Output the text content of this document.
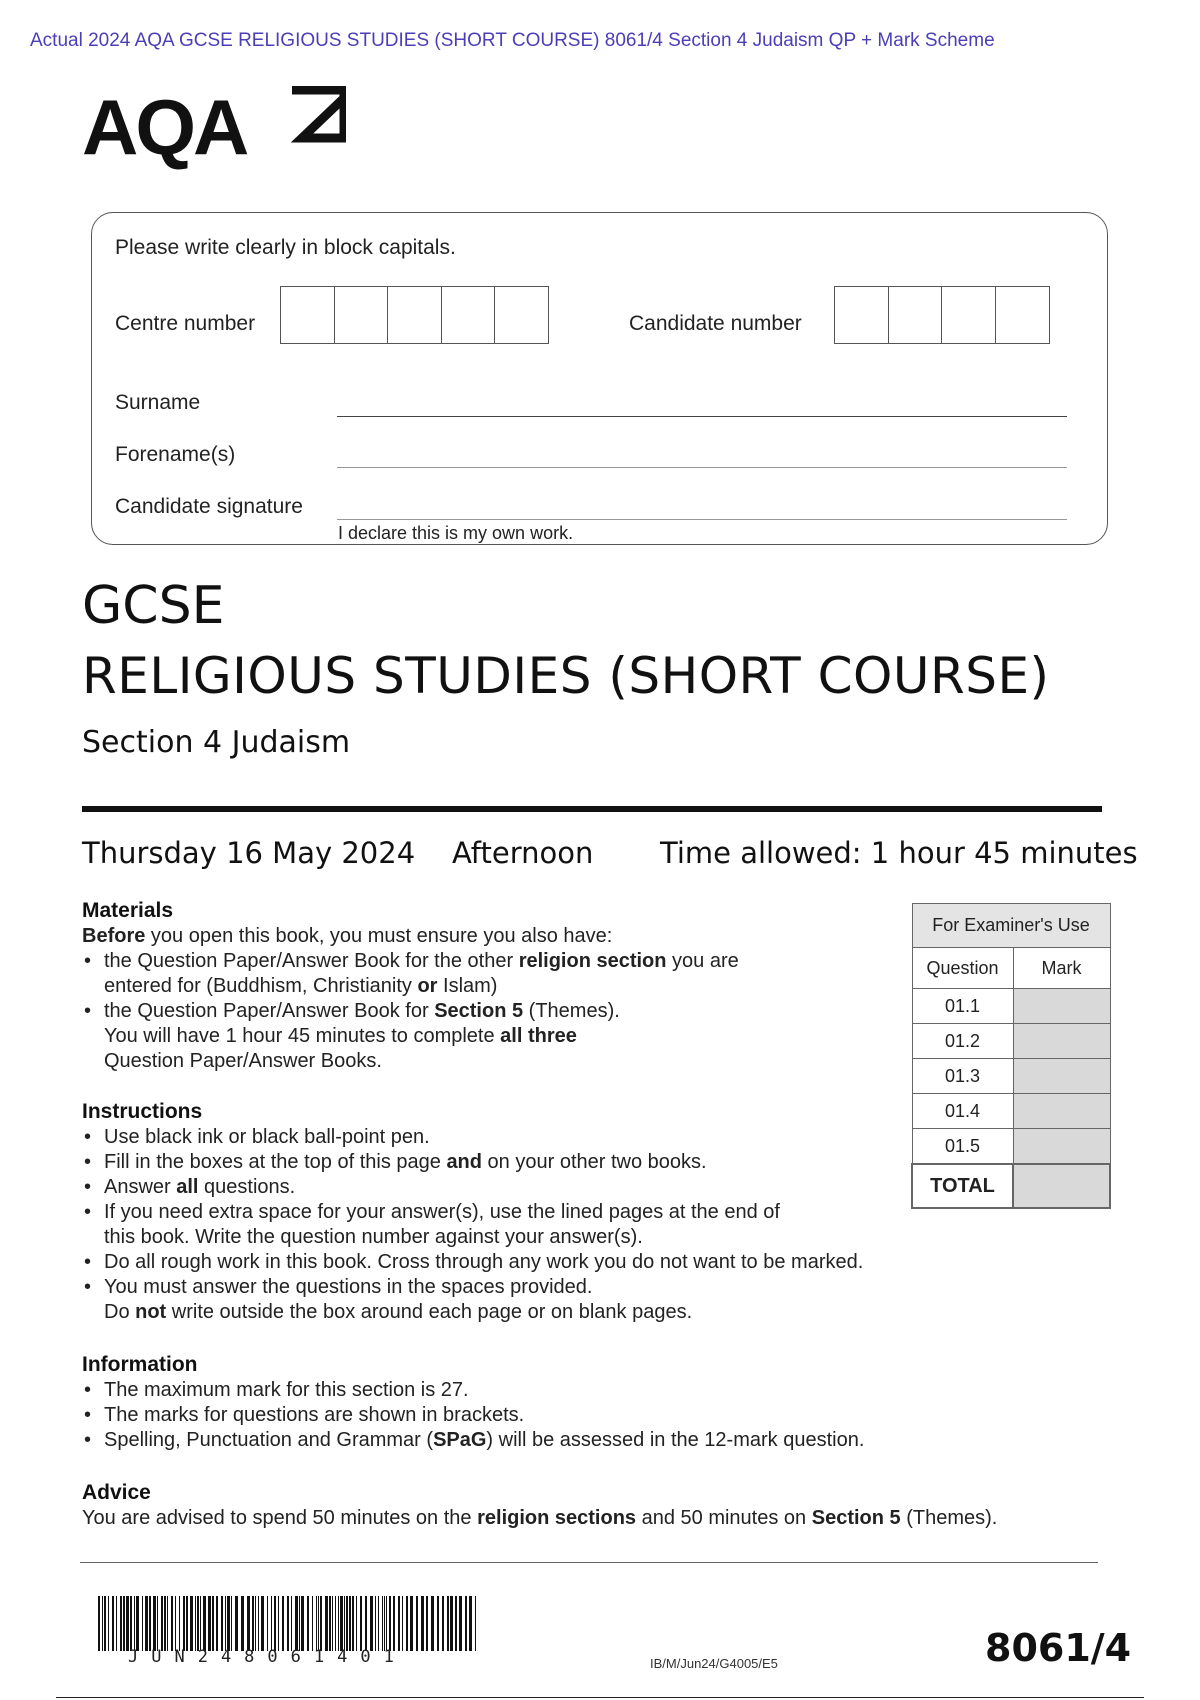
Actual 2024 AQA GCSE RELIGIOUS STUDIES (SHORT COURSE) 8061/4 Section 4 Judaism QP + Mark Scheme
AQA
Please write clearly in block capitals.
Centre number	Candidate number
Surname
Forename(s)
Candidate signature
I declare this is my own work.
GCSE
RELIGIOUS STUDIES (SHORT COURSE)
Section 4 Judaism
Thursday 16 May 2024 Afternoon Time allowed: 1 hour 45 minutes
Materials

Before you open this book, you must ensure you also have:

• the Question Paper/Answer Book for the other religion section you are entered for (Buddhism, Christianity or Islam)
• the Question Paper/Answer Book for Section 5 (Themes). You will have 1 hour 45 minutes to complete all three Question Paper/Answer Books.
Instructions
• Use black ink or black ball-point pen.
• Fill in the boxes at the top of this page and on your other two books.
• Answer all questions.
• If you need extra space for your answer(s), use the lined pages at the end of this book. Write the question number against your answer(s).
• Do all rough work in this book. Cross through any work you do not want to be marked.
• You must answer the questions in the spaces provided.
Do not write outside the box around each page or on blank pages.
Information
• The maximum mark for this section is 27.
• The marks for questions are shown in brackets.
• Spelling, Punctuation and Grammar (SPaG) will be assessed in the 12-mark question.
Advice

You are advised to spend 50 minutes on the religion sections and 50 minutes on Section 5 (Themes).

For Examiner's Use	
Question	Mark
01.1	
01.2	
01.3	
01.4	
01.5	
TOTAL	
JUN248061401	IB/M/Jun24/G4005/E5	8061/4
